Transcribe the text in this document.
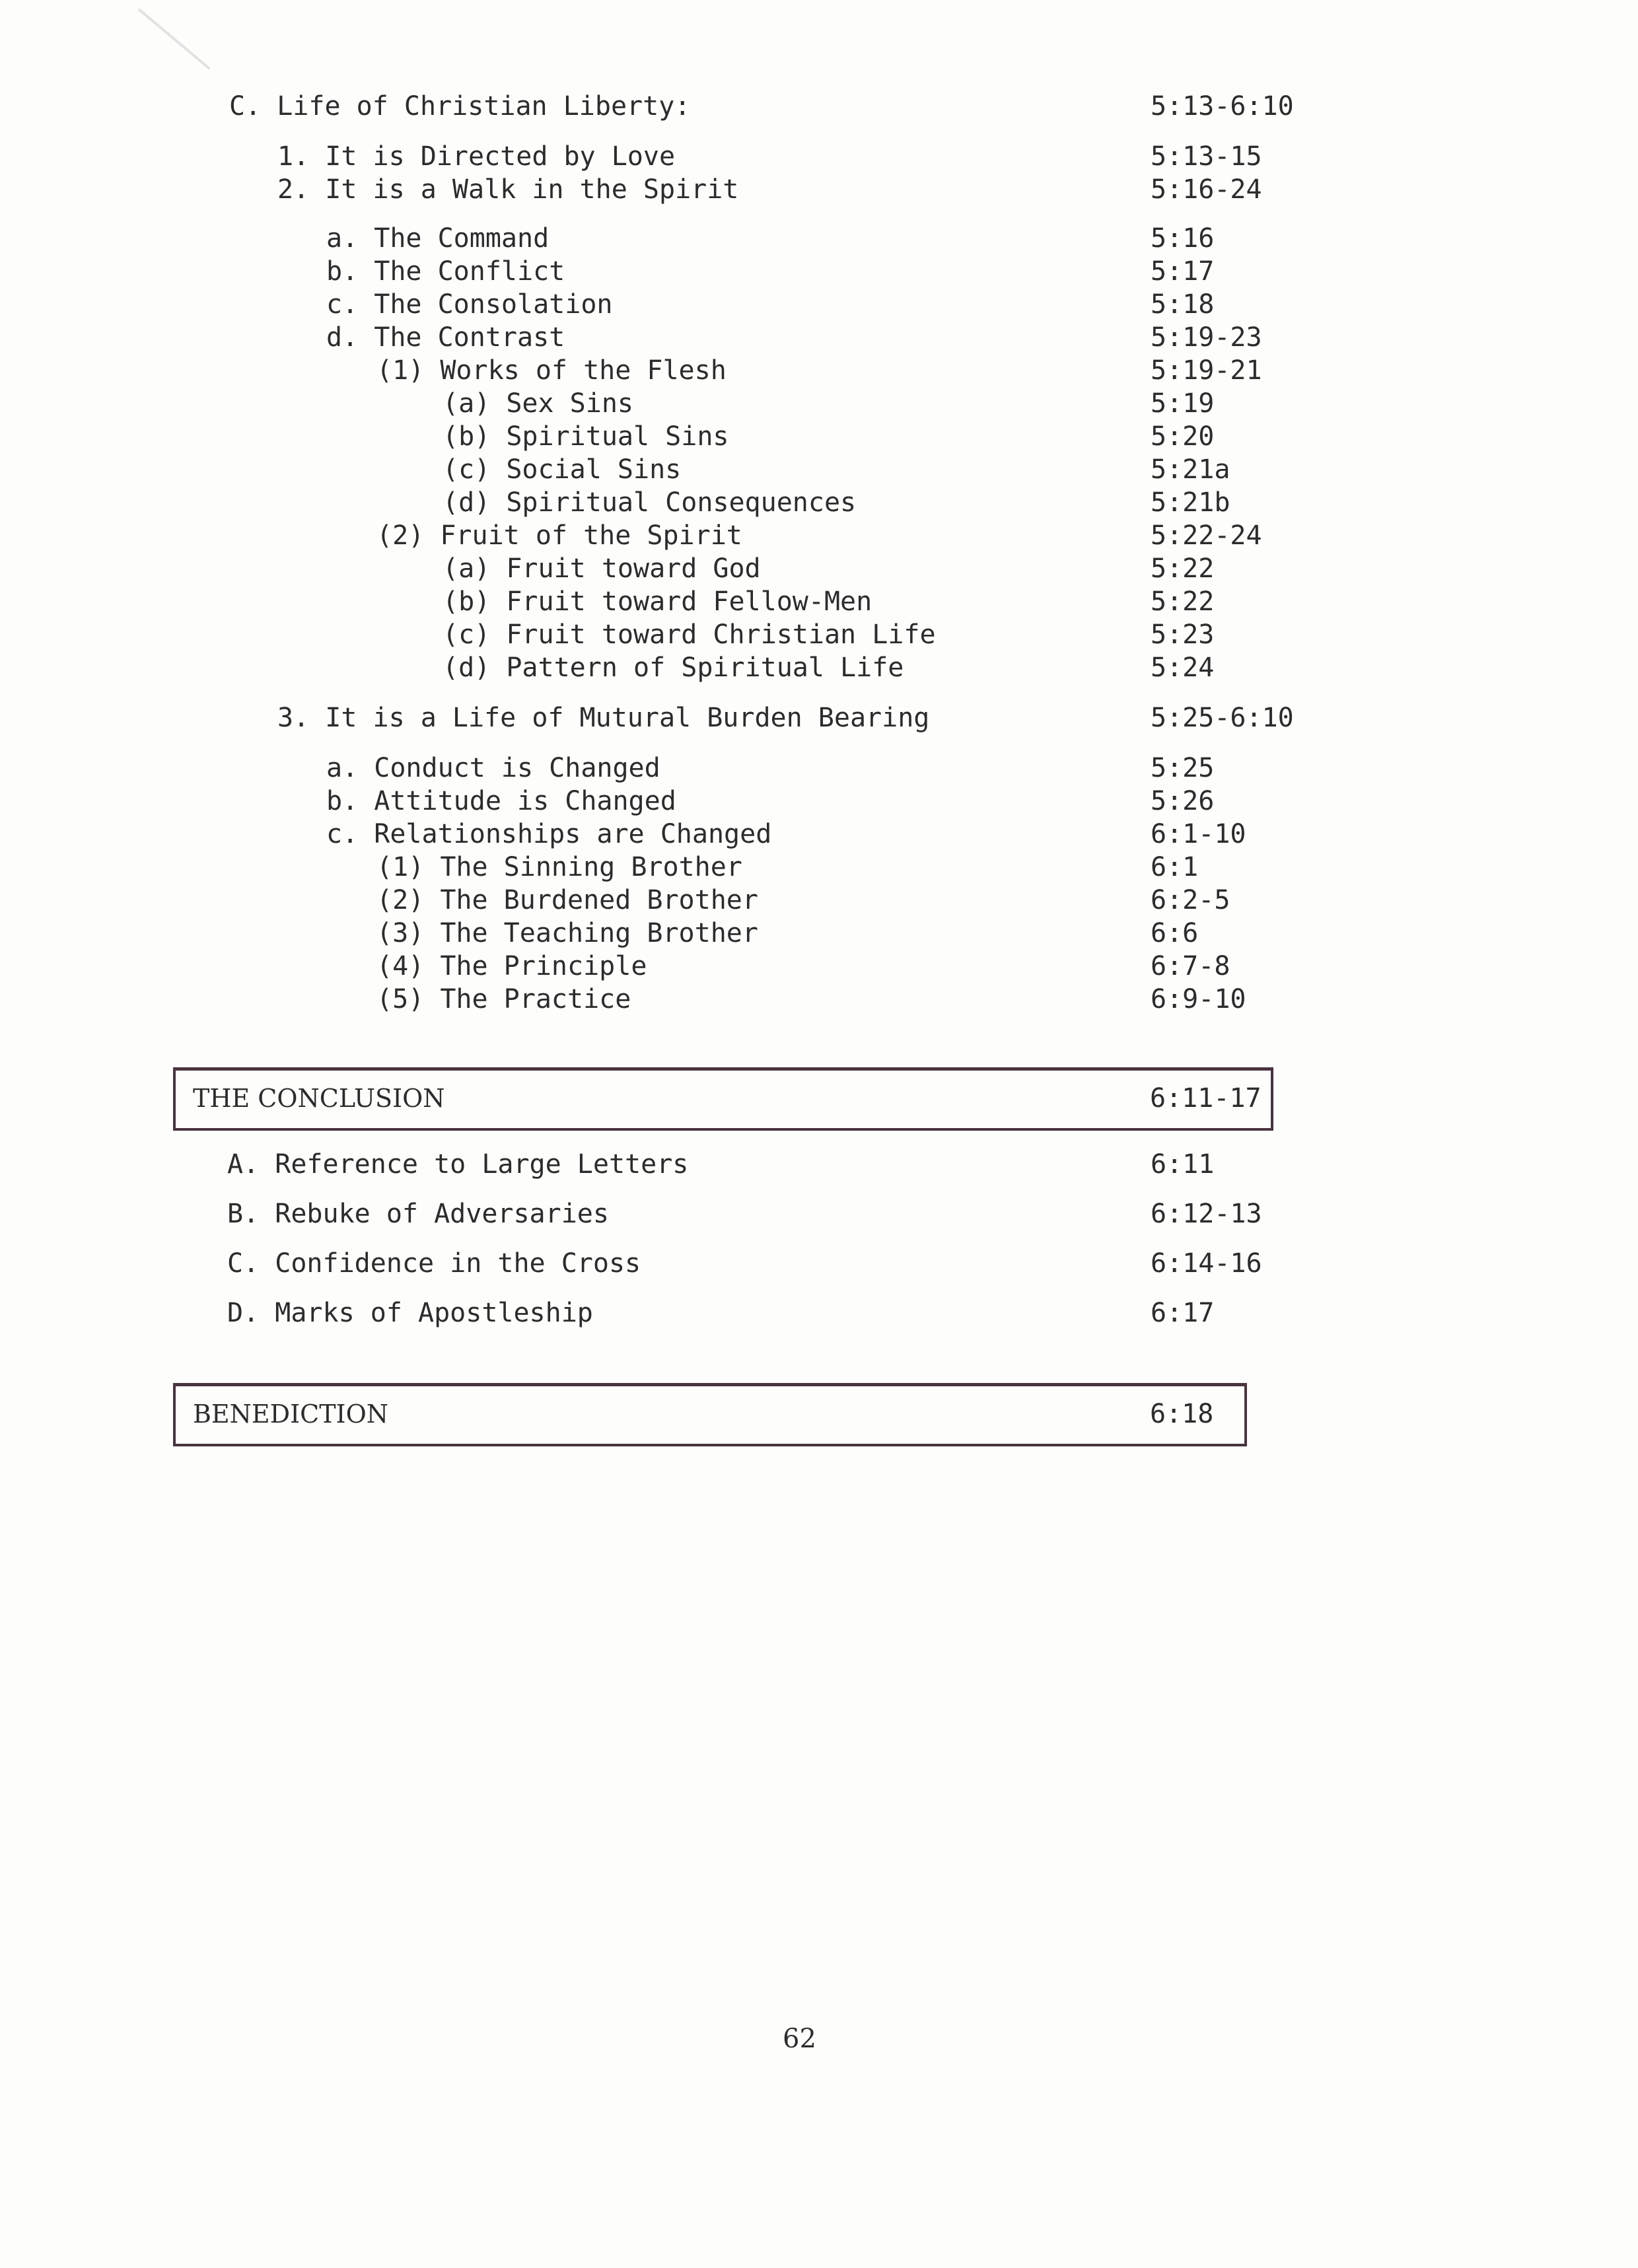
C. Life of Christian Liberty:	5:13-6:10
1. It is Directed by Love	5:13-15
2. It is a Walk in the Spirit	5:16-24
a. The Command	5:16
b. The Conflict	5:17
c. The Consolation	5:18
d. The Contrast	5:19-23
(1) Works of the Flesh	5:19-21
(a) Sex Sins	5:19
(b) Spiritual Sins	5:20
(c) Social Sins	5:21a
(d) Spiritual Consequences	5:21b
(2) Fruit of the Spirit	5:22-24
(a) Fruit toward God	5:22
(b) Fruit toward Fellow-Men	5:22
(c) Fruit toward Christian Life	5:23
(d) Pattern of Spiritual Life	5:24
3. It is a Life of Mutural Burden Bearing	5:25-6:10
a. Conduct is Changed	5:25
b. Attitude is Changed	5:26
c. Relationships are Changed	6:1-10
(1) The Sinning Brother	6:1
(2) The Burdened Brother	6:2-5
(3) The Teaching Brother	6:6
(4) The Principle	6:7-8
(5) The Practice	6:9-10
THE CONCLUSION	6:11-17
A. Reference to Large Letters	6:11
B. Rebuke of Adversaries	6:12-13
C. Confidence in the Cross	6:14-16
D. Marks of Apostleship	6:17
BENEDICTION	6:18
62
